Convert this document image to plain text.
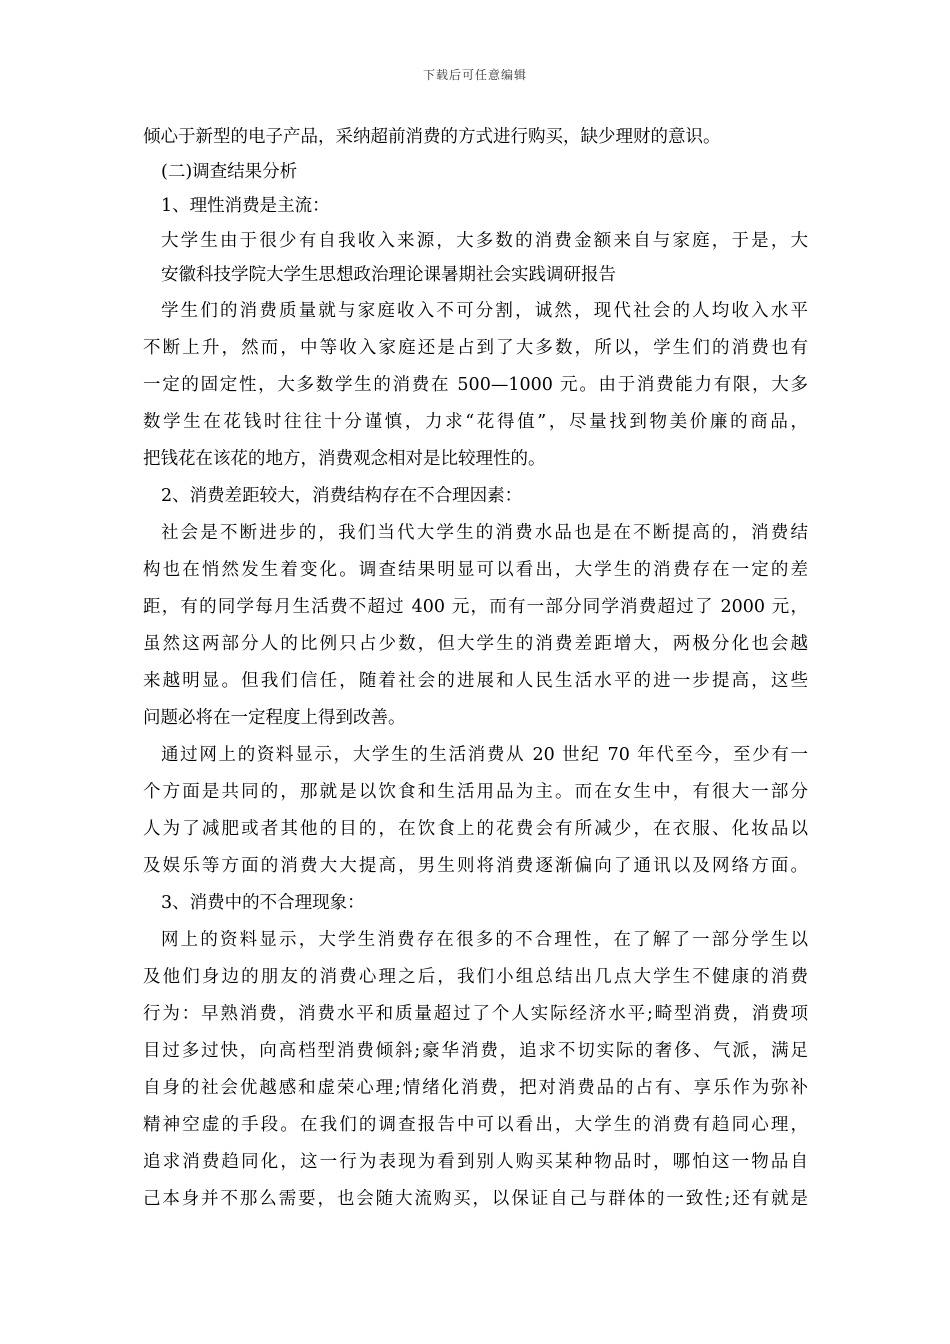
下载后可任意编辑
倾心于新型的电子产品，采纳超前消费的方式进行购买，缺少理财的意识。
(二)调查结果分析
1、理性消费是主流：
大学生由于很少有自我收入来源，大多数的消费金额来自与家庭，于是，大
安徽科技学院大学生思想政治理论课暑期社会实践调研报告
学生们的消费质量就与家庭收入不可分割，诚然，现代社会的人均收入水平
不断上升，然而，中等收入家庭还是占到了大多数，所以，学生们的消费也有
一定的固定性，大多数学生的消费在 500—1000 元。由于消费能力有限，大多
数学生在花钱时往往十分谨慎，力求“花得值”，尽量找到物美价廉的商品，
把钱花在该花的地方，消费观念相对是比较理性的。
2、消费差距较大，消费结构存在不合理因素：
社会是不断进步的，我们当代大学生的消费水品也是在不断提高的，消费结
构也在悄然发生着变化。调查结果明显可以看出，大学生的消费存在一定的差
距，有的同学每月生活费不超过 400 元，而有一部分同学消费超过了 2000 元，
虽然这两部分人的比例只占少数，但大学生的消费差距增大，两极分化也会越
来越明显。但我们信任，随着社会的进展和人民生活水平的进一步提高，这些
问题必将在一定程度上得到改善。
通过网上的资料显示，大学生的生活消费从 20 世纪 70 年代至今，至少有一
个方面是共同的，那就是以饮食和生活用品为主。而在女生中，有很大一部分
人为了减肥或者其他的目的，在饮食上的花费会有所减少，在衣服、化妆品以
及娱乐等方面的消费大大提高，男生则将消费逐渐偏向了通讯以及网络方面。
3、消费中的不合理现象：
网上的资料显示，大学生消费存在很多的不合理性，在了解了一部分学生以
及他们身边的朋友的消费心理之后，我们小组总结出几点大学生不健康的消费
行为：早熟消费，消费水平和质量超过了个人实际经济水平;畸型消费，消费项
目过多过快，向高档型消费倾斜;豪华消费，追求不切实际的奢侈、气派，满足
自身的社会优越感和虚荣心理;情绪化消费，把对消费品的占有、享乐作为弥补
精神空虚的手段。在我们的调查报告中可以看出，大学生的消费有趋同心理，
追求消费趋同化，这一行为表现为看到别人购买某种物品时，哪怕这一物品自
己本身并不那么需要，也会随大流购买，以保证自己与群体的一致性;还有就是
